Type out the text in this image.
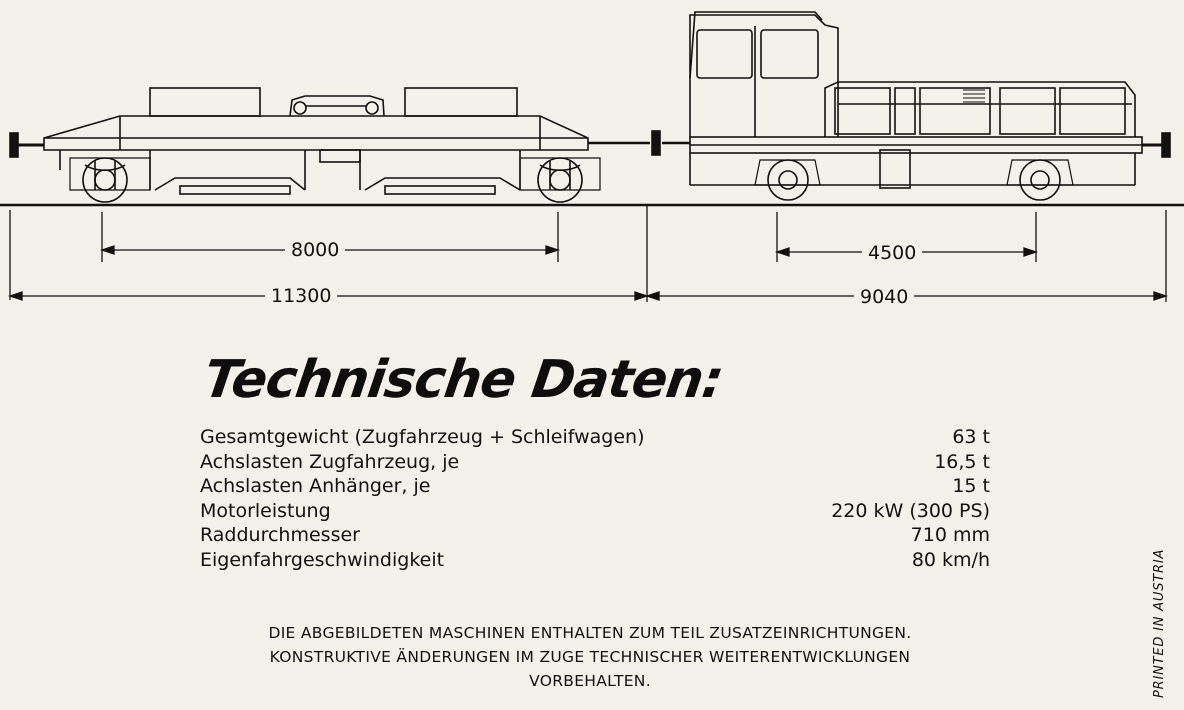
8000	4500
11300	9040
Technische Daten:
Gesamtgewicht (Zugfahrzeug + Schleifwagen)	63 t
Achslasten Zugfahrzeug, je	16,5 t
Achslasten Anhänger, je	15 t
Motorleistung	220 kW (300 PS)
Raddurchmesser	710 mm
Eigenfahrgeschwindigkeit	80 km/h
DIE ABGEBILDETEN MASCHINEN ENTHALTEN ZUM TEIL ZUSATZEINRICHTUNGEN.
KONSTRUKTIVE ÄNDERUNGEN IM ZUGE TECHNISCHER WEITERENTWICKLUNGEN
VORBEHALTEN.	PRINTED IN AUSTRIA
